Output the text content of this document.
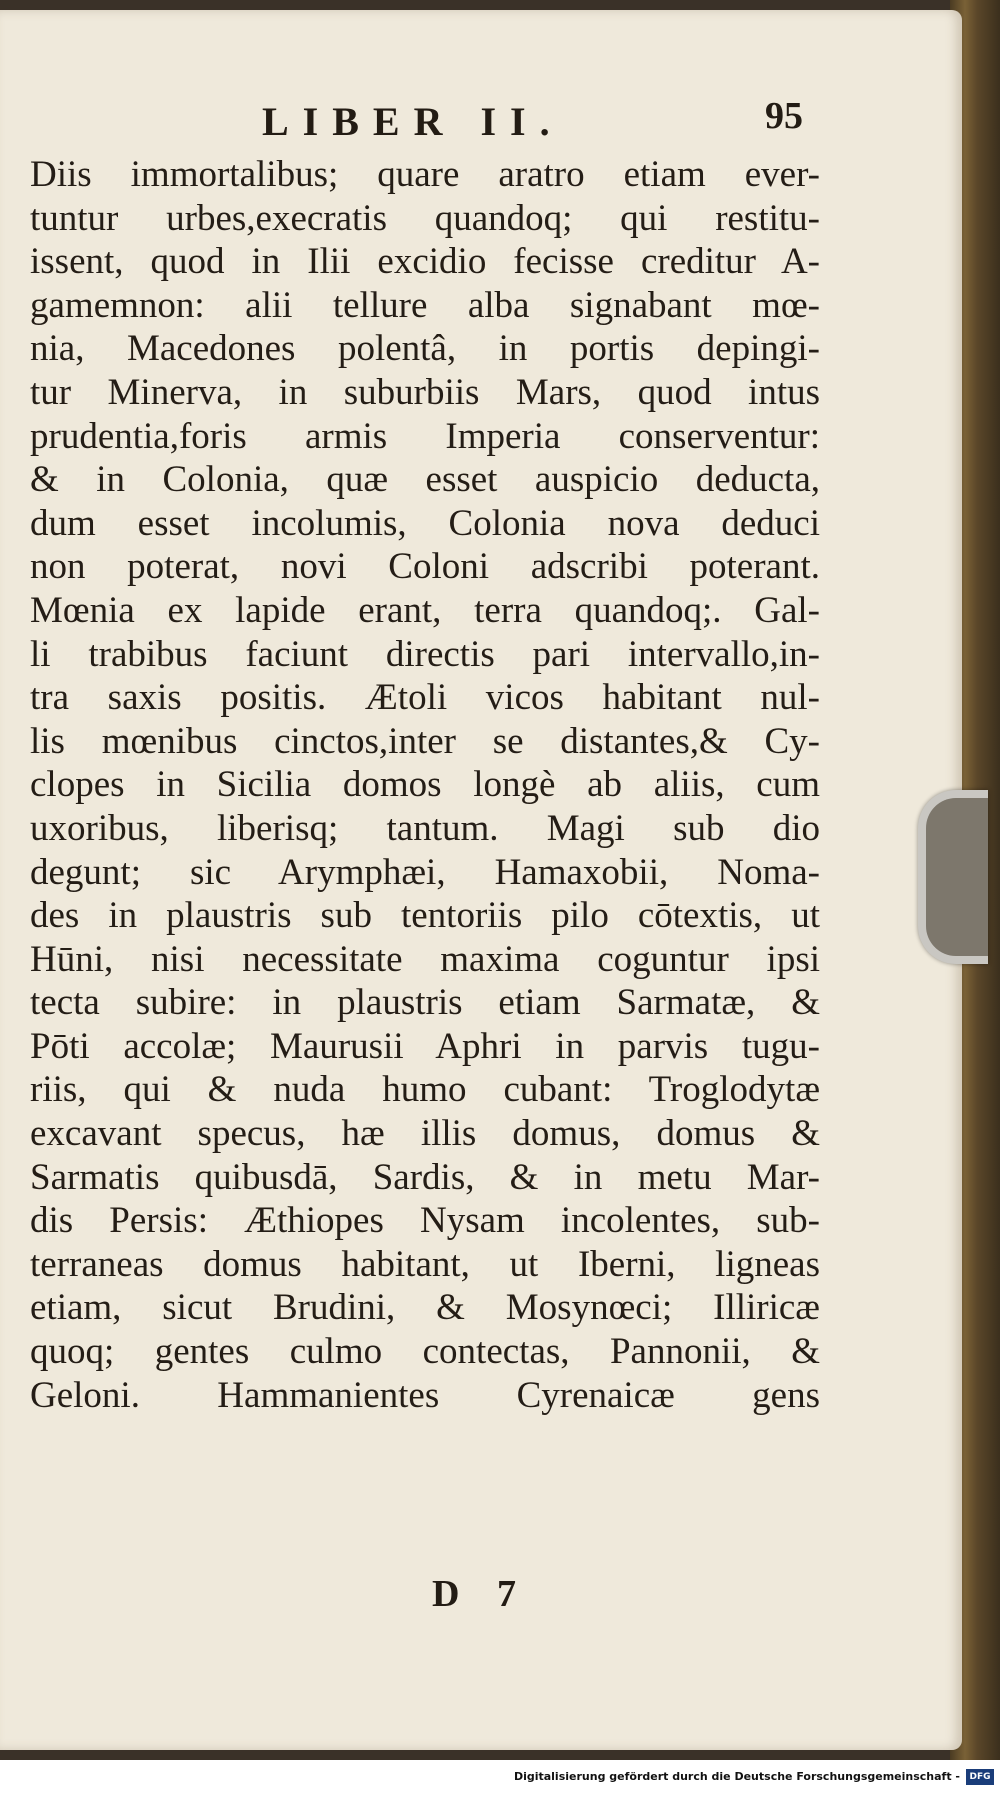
LIBER II.	95
Diis immortalibus; quare aratro etiam ever-
tuntur urbes,execratis quandoq; qui restitu-
issent, quod in Ilii excidio fecisse creditur A-
gamemnon: alii tellure alba signabant mœ-
nia, Macedones polentâ, in portis depingi-
tur Minerva, in suburbiis Mars, quod intus
prudentia,foris armis Imperia conserventur:
& in Colonia, quæ esset auspicio deducta,
dum esset incolumis, Colonia nova deduci
non poterat, novi Coloni adscribi poterant.
Mœnia ex lapide erant, terra quandoq;. Gal-
li trabibus faciunt directis pari intervallo,in-
tra saxis positis. Ætoli vicos habitant nul-
lis mœnibus cinctos,inter se distantes,& Cy-
clopes in Sicilia domos longè ab aliis, cum
uxoribus, liberisq; tantum. Magi sub dio
degunt; sic Arymphæi, Hamaxobii, Noma-
des in plaustris sub tentoriis pilo cōtextis, ut
Hūni, nisi necessitate maxima coguntur ipsi
tecta subire: in plaustris etiam Sarmatæ, &
Pōti accolæ; Maurusii Aphri in parvis tugu-
riis, qui & nuda humo cubant: Troglodytæ
excavant specus, hæ illis domus, domus &
Sarmatis quibusdā, Sardis, & in metu Mar-
dis Persis: Æthiopes Nysam incolentes, sub-
terraneas domus habitant, ut Iberni, ligneas
etiam, sicut Brudini, & Mosynœci; Illiricæ
quoq; gentes culmo contectas, Pannonii, &
Geloni. Hammanientes Cyrenaicæ gens
D 7
Digitalisierung gefördert durch die Deutsche Forschungsgemeinschaft -	DFG
